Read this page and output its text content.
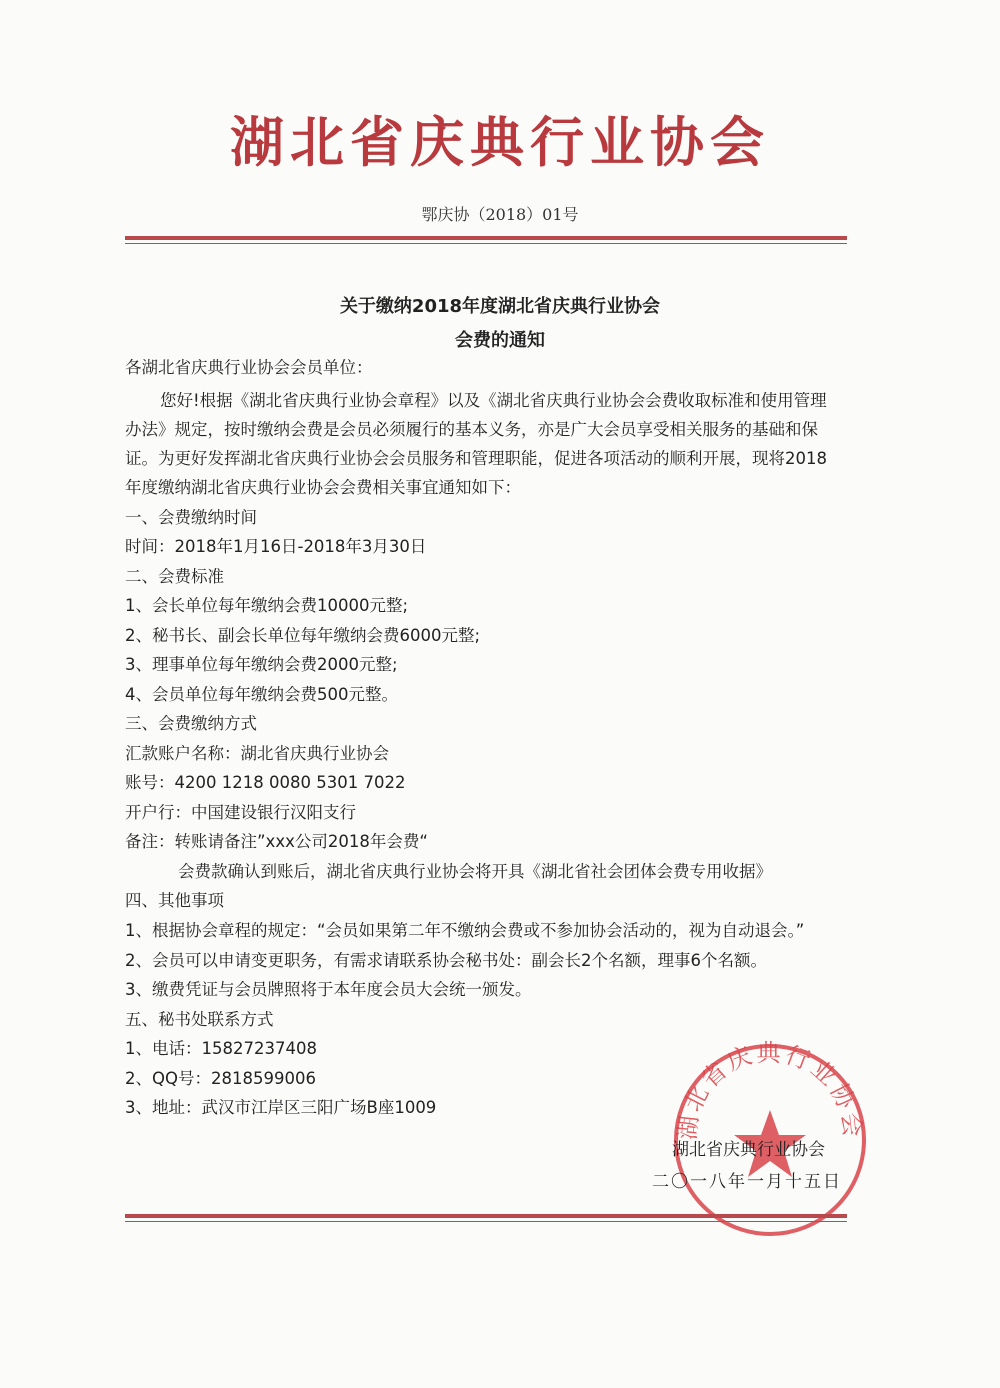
湖北省庆典行业协会
鄂庆协（2018）01号
关于缴纳2018年度湖北省庆典行业协会
会费的通知
各湖北省庆典行业协会会员单位：
您好!根据《湖北省庆典行业协会章程》以及《湖北省庆典行业协会会费收取标准和使用管理
办法》规定，按时缴纳会费是会员必须履行的基本义务，亦是广大会员享受相关服务的基础和保
证。为更好发挥湖北省庆典行业协会会员服务和管理职能，促进各项活动的顺利开展，现将2018
年度缴纳湖北省庆典行业协会会费相关事宜通知如下：
一、会费缴纳时间
时间：2018年1月16日-2018年3月30日
二、会费标准
1、会长单位每年缴纳会费10000元整;
2、秘书长、副会长单位每年缴纳会费6000元整;
3、理事单位每年缴纳会费2000元整;
4、会员单位每年缴纳会费500元整。
三、会费缴纳方式
汇款账户名称：湖北省庆典行业协会
账号：4200 1218 0080 5301 7022
开户行：中国建设银行汉阳支行
备注：转账请备注”xxx公司2018年会费“
会费款确认到账后，湖北省庆典行业协会将开具《湖北省社会团体会费专用收据》
四、其他事项
1、根据协会章程的规定：“会员如果第二年不缴纳会费或不参加协会活动的，视为自动退会。”
2、会员可以申请变更职务，有需求请联系协会秘书处：副会长2个名额，理事6个名额。
3、缴费凭证与会员牌照将于本年度会员大会统一颁发。
五、秘书处联系方式
1、电话：15827237408
2、QQ号：2818599006
3、地址：武汉市江岸区三阳广场B座1009
湖北省庆典行业协会
湖北省庆典行业协会
二〇一八年一月十五日
